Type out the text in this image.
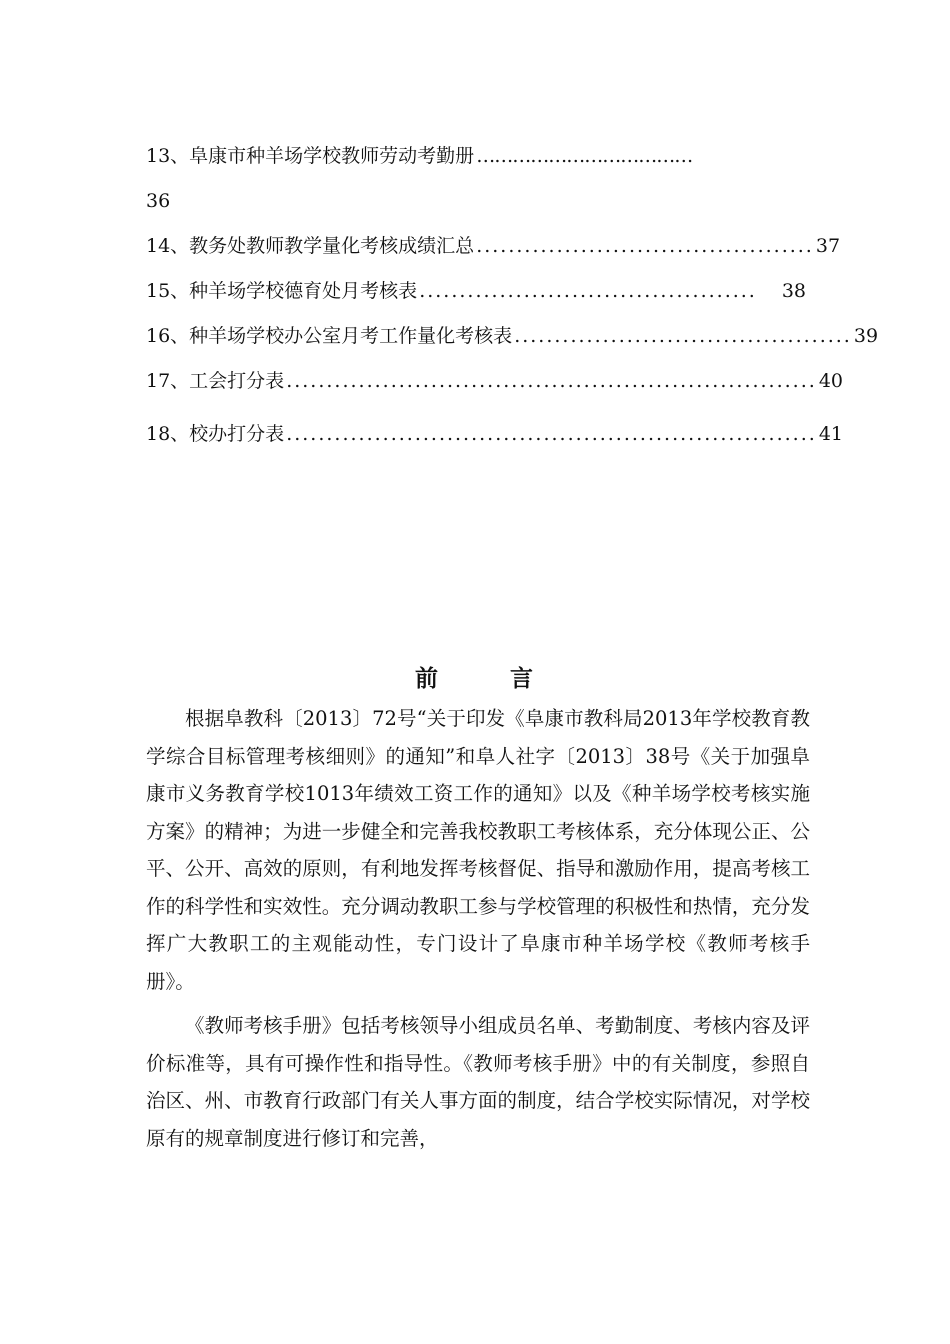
13、阜康市种羊场学校教师劳动考勤册 ………………………………
36
14、教务处教师教学量化考核成绩汇总 .......................................... 37
15、种羊场学校德育处月考核表 ..........................................	38
16、种羊场学校办公室月考工作量化考核表 .......................................... 39
17、工会打分表 .................................................................. 40
18、校办打分表 .................................................................. 41
前	言

根据阜教科〔2013〕72号“关于印发《阜康市教科局2013年学校教育教学综合目标管理考核细则》的通知”和阜人社字〔2013〕38号《关于加强阜康市义务教育学校1013年绩效工资工作的通知》以及《种羊场学校考核实施方案》的精神；为进一步健全和完善我校教职工考核体系，充分体现公正、公平、公开、高效的原则，有利地发挥考核督促、指导和激励作用，提高考核工作的科学性和实效性。充分调动教职工参与学校管理的积极性和热情，充分发挥广大教职工的主观能动性，专门设计了阜康市种羊场学校《教师考核手册》。

《教师考核手册》包括考核领导小组成员名单、考勤制度、考核内容及评价标准等，具有可操作性和指导性。《教师考核手册》中的有关制度，参照自治区、州、市教育行政部门有关人事方面的制度，结合学校实际情况，对学校原有的规章制度进行修订和完善，
